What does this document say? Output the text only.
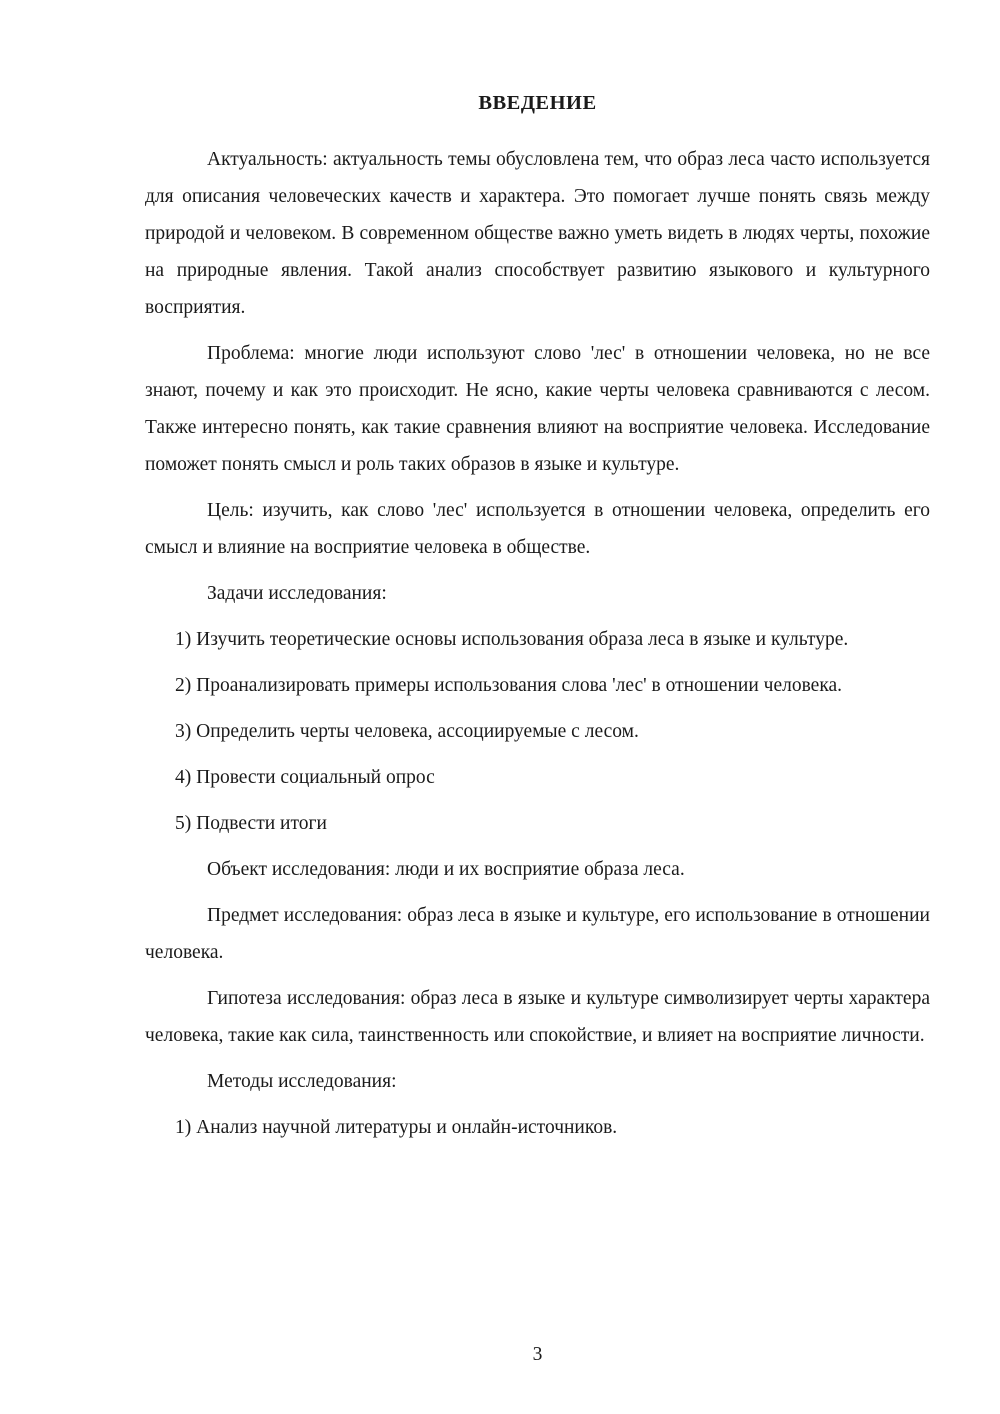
ВВЕДЕНИЕ

Актуальность: актуальность темы обусловлена тем, что образ леса часто используется для описания человеческих качеств и характера. Это помогает лучше понять связь между природой и человеком. В современном обществе важно уметь видеть в людях черты, похожие на природные явления. Такой анализ способствует развитию языкового и культурного восприятия.

Проблема: многие люди используют слово 'лес' в отношении человека, но не все знают, почему и как это происходит. Не ясно, какие черты человека сравниваются с лесом. Также интересно понять, как такие сравнения влияют на восприятие человека. Исследование поможет понять смысл и роль таких образов в языке и культуре.

Цель: изучить, как слово 'лес' используется в отношении человека, определить его смысл и влияние на восприятие человека в обществе.

Задачи исследования:

1) Изучить теоретические основы использования образа леса в языке и культуре.

2) Проанализировать примеры использования слова 'лес' в отношении человека.

3) Определить черты человека, ассоциируемые с лесом.

4) Провести социальный опрос

5) Подвести итоги

Объект исследования: люди и их восприятие образа леса.

Предмет исследования: образ леса в языке и культуре, его использование в отношении человека.

Гипотеза исследования: образ леса в языке и культуре символизирует черты характера человека, такие как сила, таинственность или спокойствие, и влияет на восприятие личности.

Методы исследования:

1) Анализ научной литературы и онлайн-источников.

3
